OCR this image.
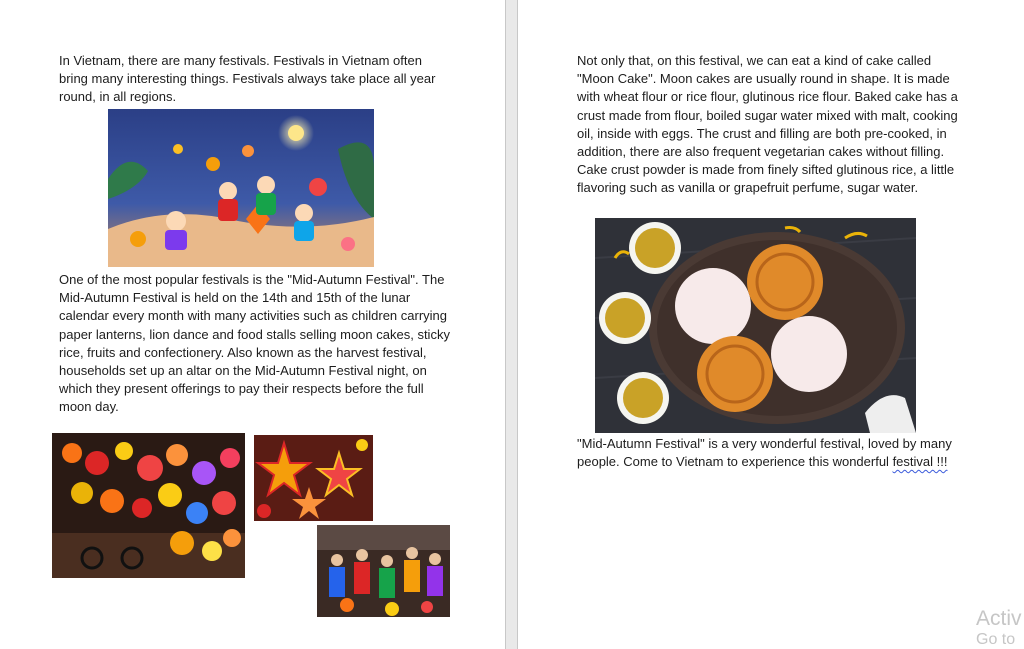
In Vietnam, there are many festivals. Festivals in Vietnam often bring many interesting things. Festivals always take place all year round, in all regions.

One of the most popular festivals is the "Mid-Autumn Festival". The Mid-Autumn Festival is held on the 14th and 15th of the lunar calendar every month with many activities such as children carrying paper lanterns, lion dance and food stalls selling moon cakes, sticky rice, fruits and confectionery. Also known as the harvest festival, households set up an altar on the Mid-Autumn Festival night, on which they present offerings to pay their respects before the full moon day.

Not only that, on this festival, we can eat a kind of cake called "Moon Cake". Moon cakes are usually round in shape. It is made with wheat flour or rice flour, glutinous rice flour. Baked cake has a crust made from flour, boiled sugar water mixed with malt, cooking oil, inside with eggs. The crust and filling are both pre-cooked, in addition, there are also frequent vegetarian cakes without filling. Cake crust powder is made from finely sifted glutinous rice, a little flavoring such as vanilla or grapefruit perfume, sugar water.

"Mid-Autumn Festival" is a very wonderful festival, loved by many people. Come to Vietnam to experience this wonderful festival !!!

Activ
Go to
